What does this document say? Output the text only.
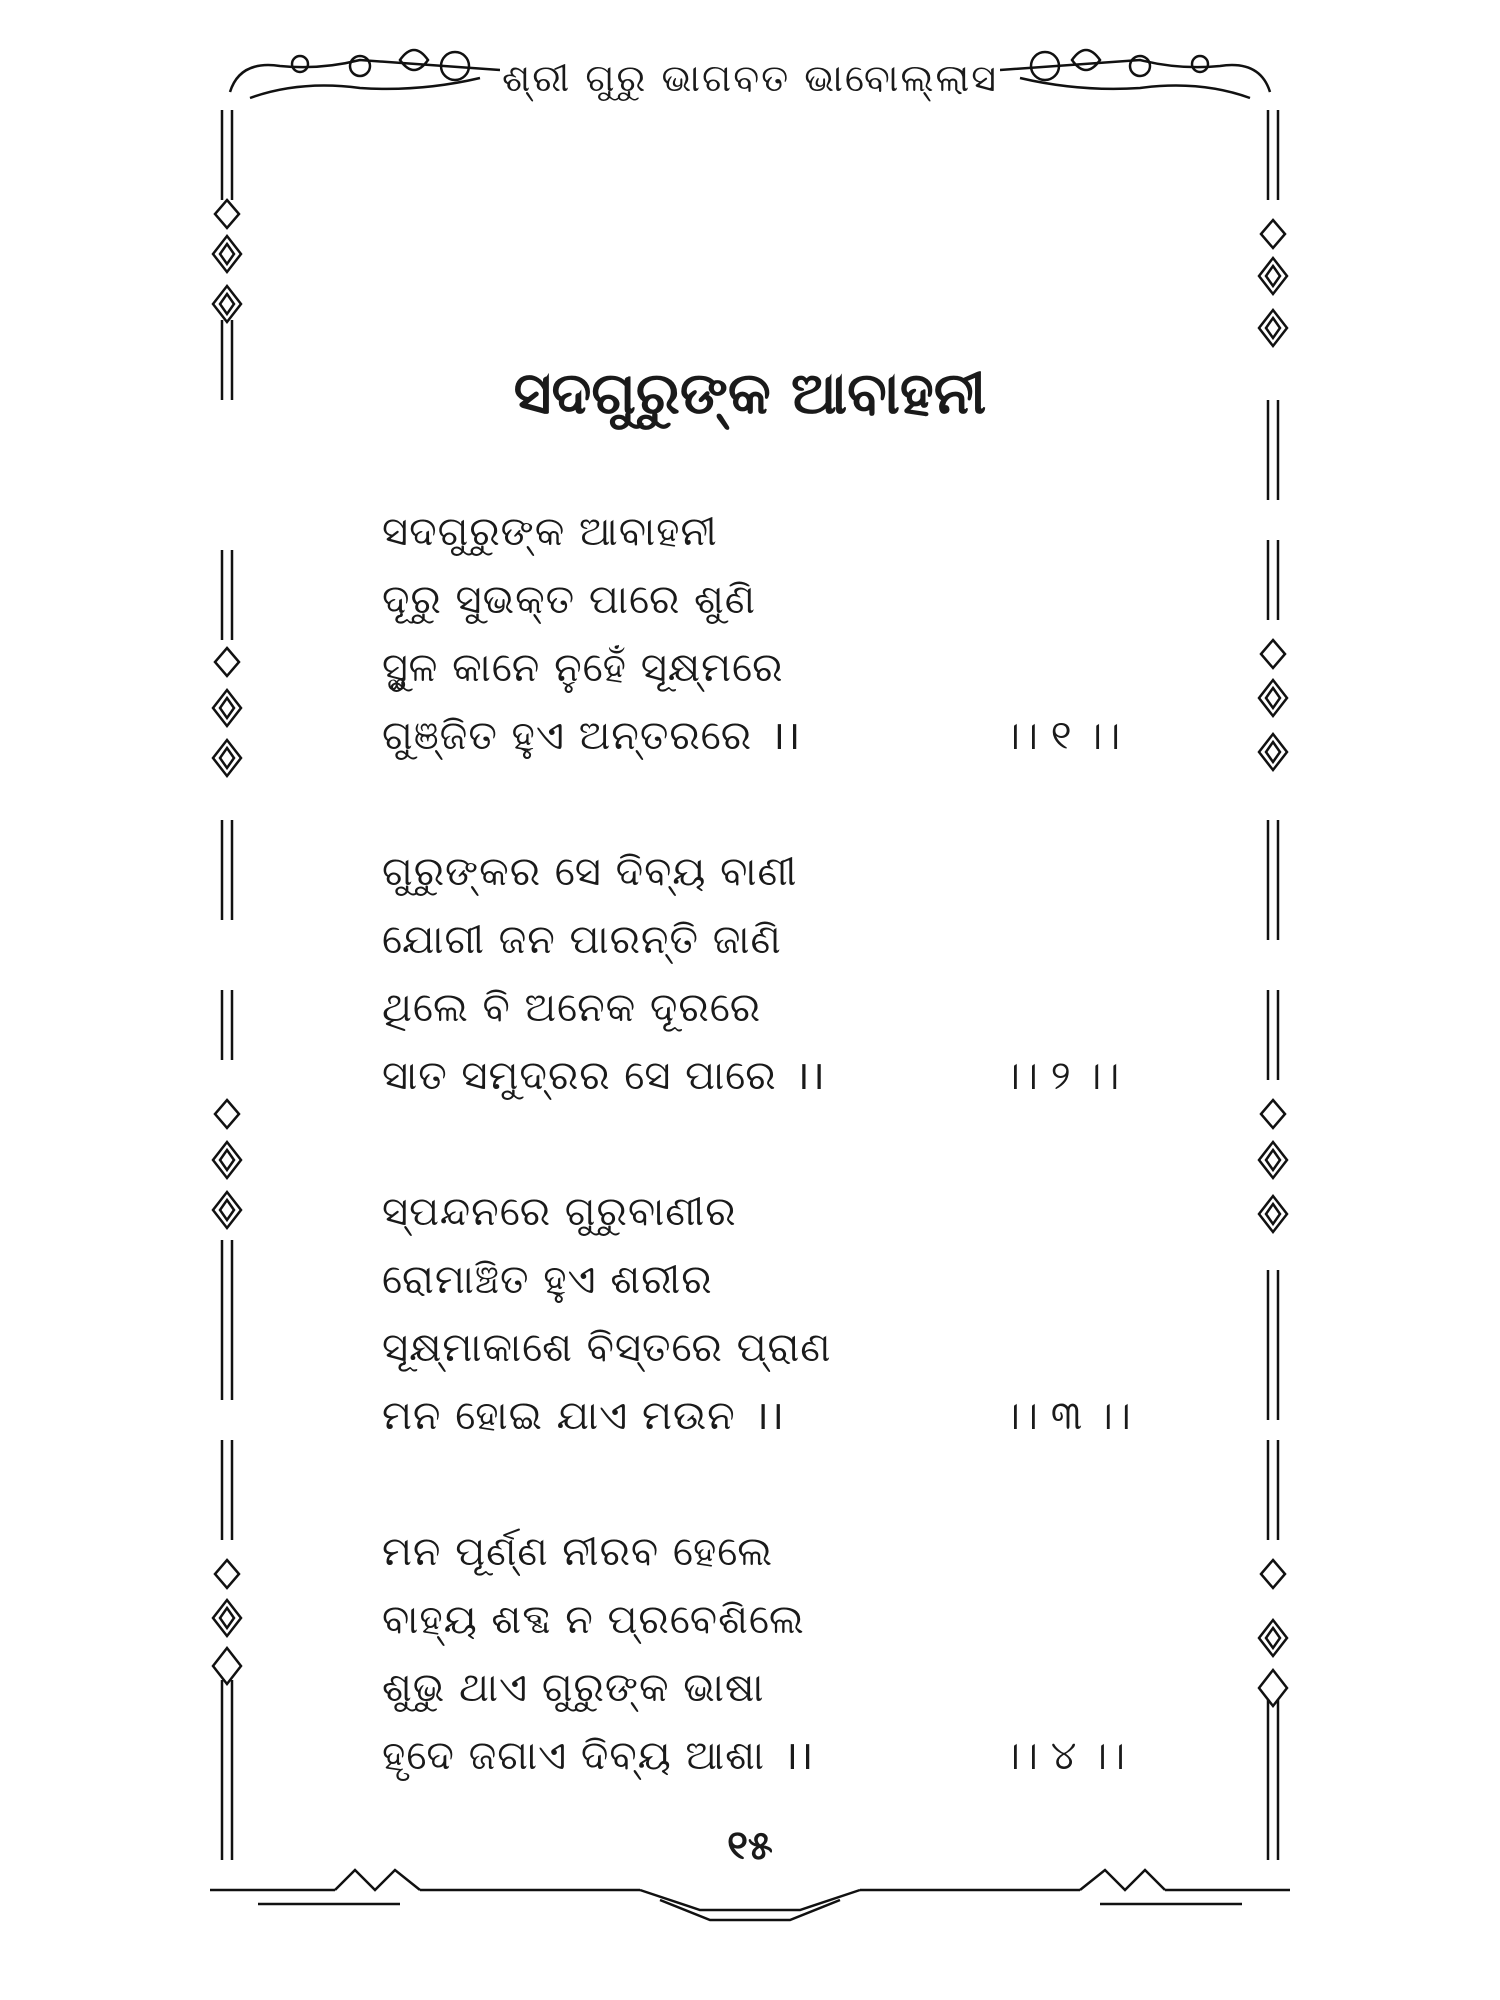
ଶ୍ରୀ ଗୁରୁ ଭାଗବତ ଭାବୋଲ୍ଲାସ
ସଦଗୁରୁଙ୍କ ଆବାହନୀ
ସଦଗୁରୁଙ୍କ ଆବାହନୀ
ଦୂରୁ ସୁଭକ୍ତ ପାରେ ଶୁଣି
ସ୍ଥୁଳ କାନେ ନୁହେଁ ସୂକ୍ଷ୍ମରେ
ଗୁଞ୍ଜିତ ହୁଏ ଅନ୍ତରରେ ।।	।। ୧ ।।
ଗୁରୁଙ୍କର ସେ ଦିବ୍ୟ ବାଣୀ
ଯୋଗୀ ଜନ ପାରନ୍ତି ଜାଣି
ଥିଲେ ବି ଅନେକ ଦୂରରେ
ସାତ ସମୁଦ୍ରର ସେ ପାରେ ।।	।। ୨ ।।
ସ୍ପନ୍ଦନରେ ଗୁରୁବାଣୀର
ରୋମାଞ୍ଚିତ ହୁଏ ଶରୀର
ସୂକ୍ଷ୍ମାକାଶେ ବିସ୍ତରେ ପ୍ରାଣ
ମନ ହୋଇ ଯାଏ ମଉନ ।।	।। ୩ ।।
ମନ ପୂର୍ଣ୍ଣ ନୀରବ ହେଲେ
ବାହ୍ୟ ଶବ୍ଦ ନ ପ୍ରବେଶିଲେ
ଶୁଭୁ ଥାଏ ଗୁରୁଙ୍କ ଭାଷା
ହୃଦେ ଜଗାଏ ଦିବ୍ୟ ଆଶା ।।	।। ୪ ।।
୧୫
